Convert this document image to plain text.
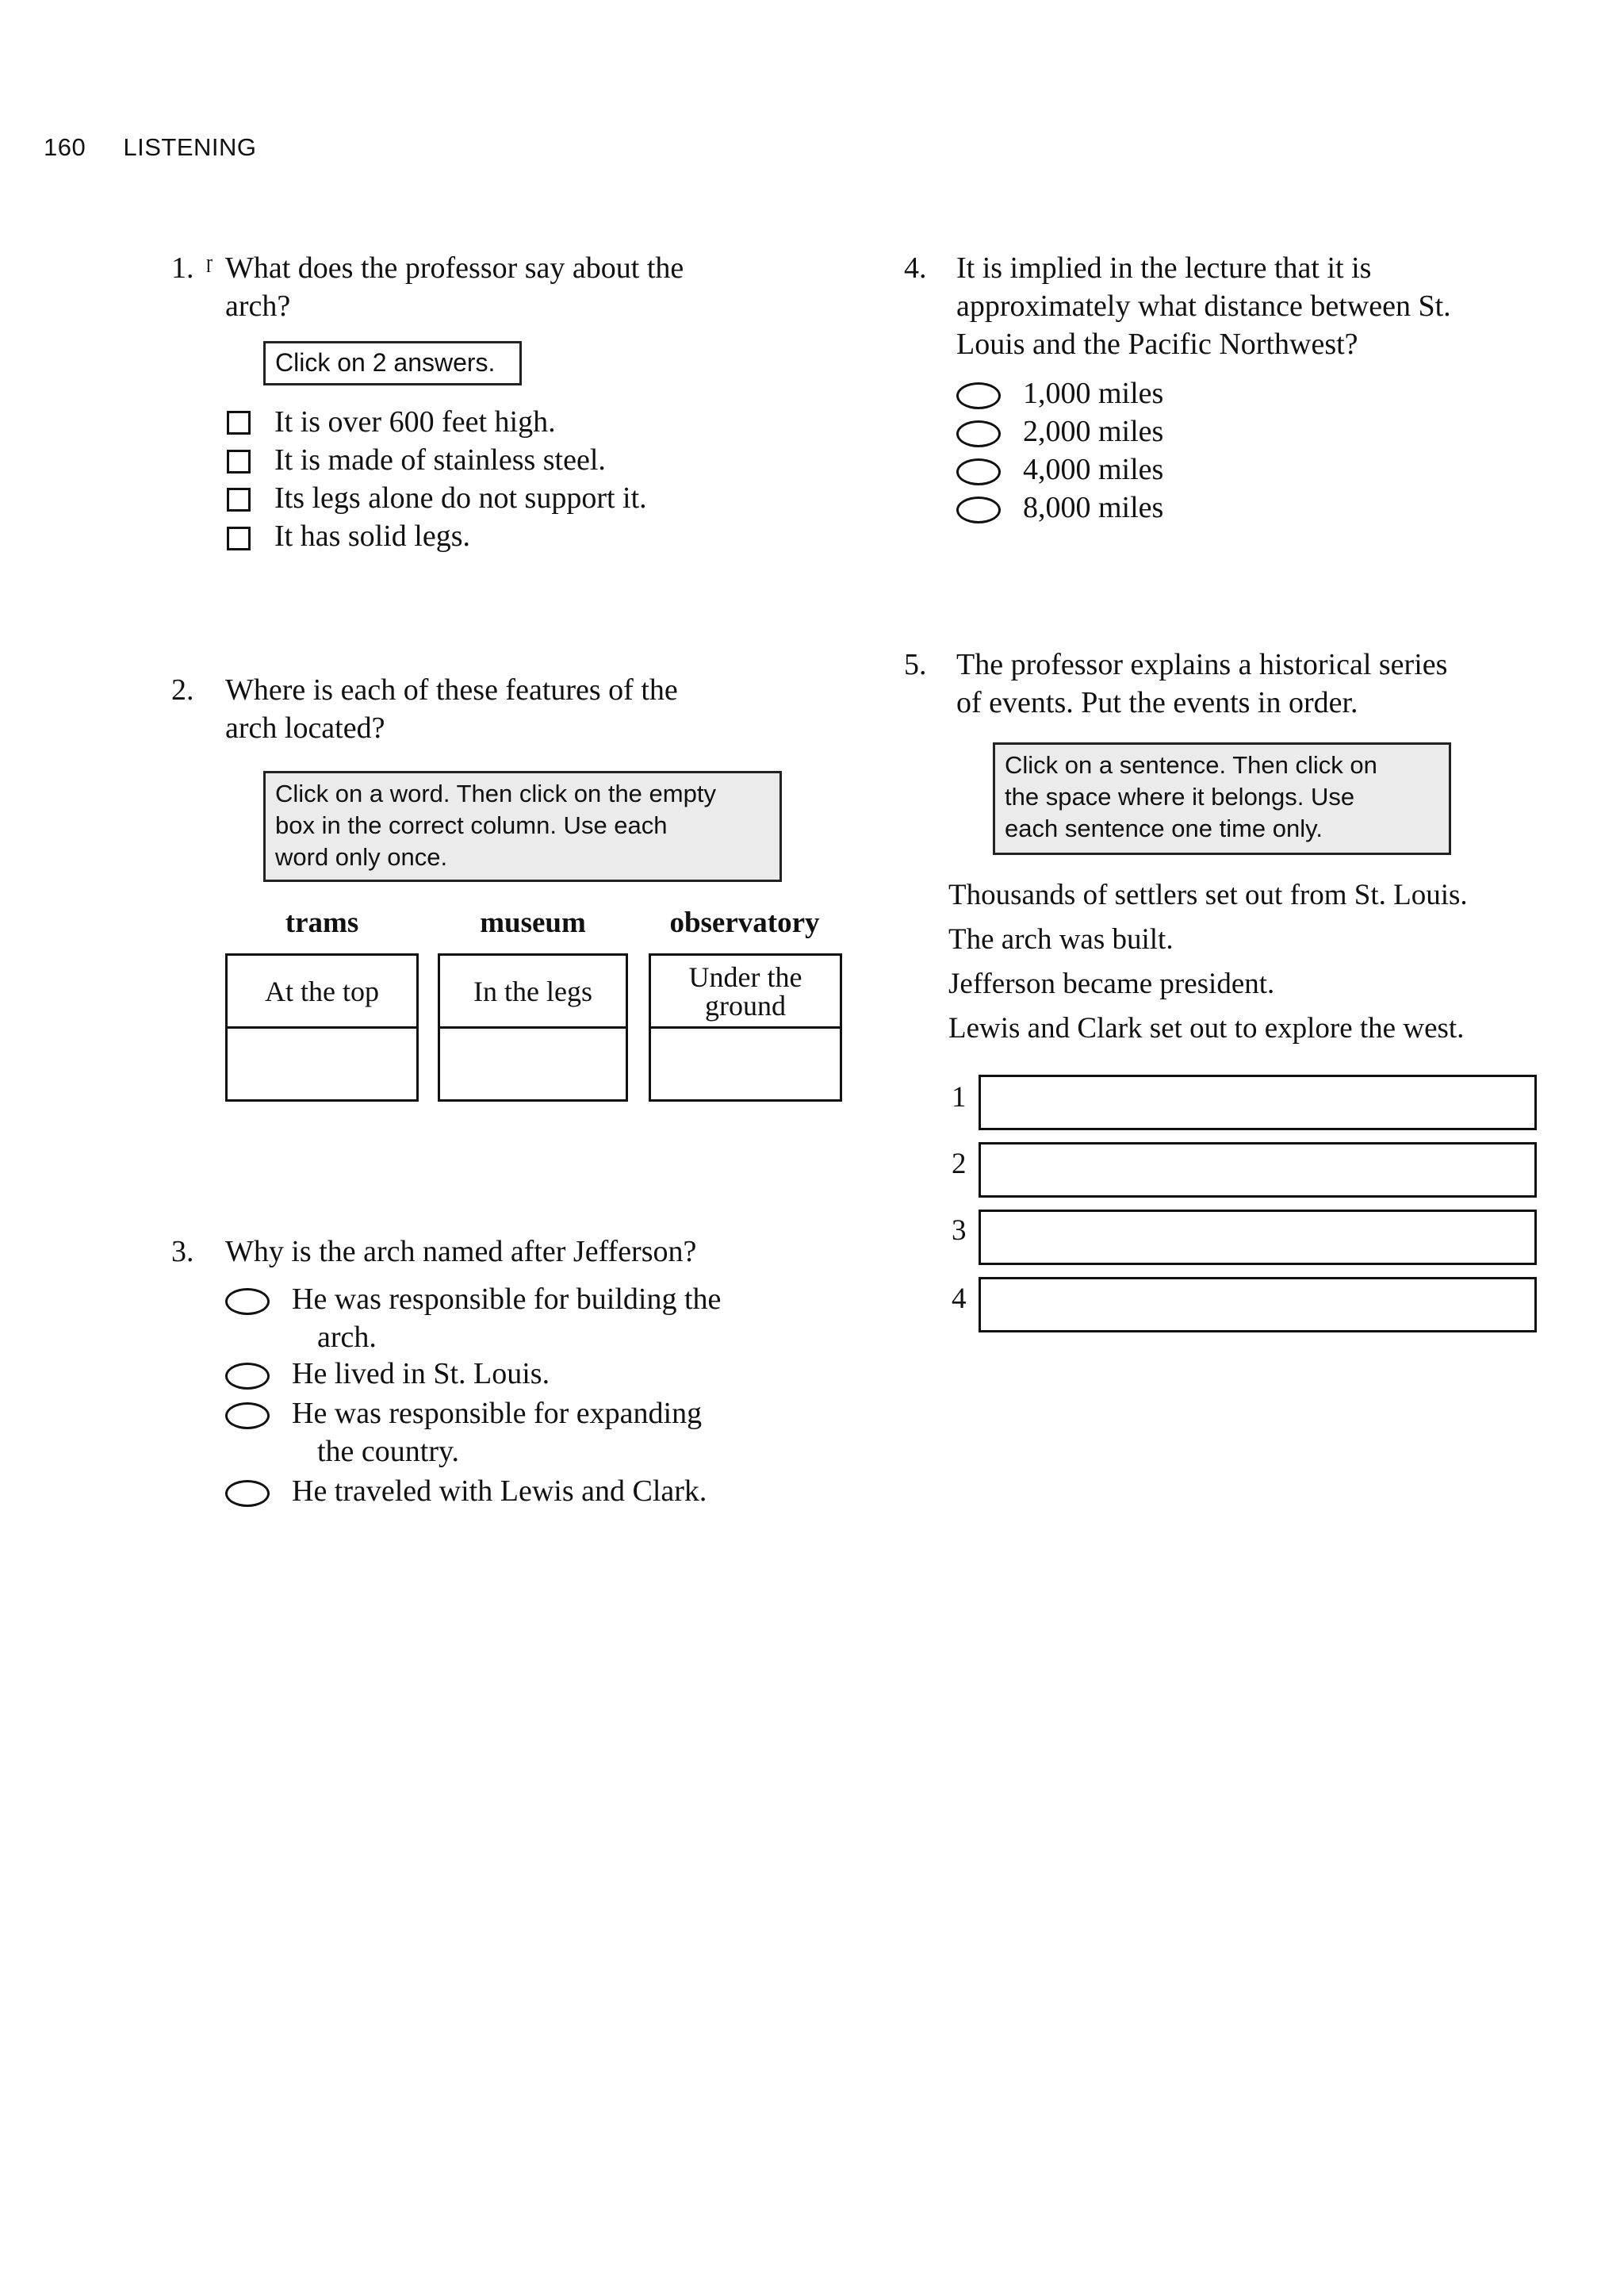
160 LISTENING
1. ɼ What does the professor say about the
arch?
Click on 2 answers.
It is over 600 feet high.
It is made of stainless steel.
Its legs alone do not support it.
It has solid legs.
2. Where is each of these features of the
arch located?
Click on a word. Then click on the empty
box in the correct column. Use each
word only once.
trams	museum	observatory
At the top	In the legs	Under the
ground
3. Why is the arch named after Jefferson?
He was responsible for building the
arch.
He lived in St. Louis.
He was responsible for expanding
the country.
He traveled with Lewis and Clark.
4. It is implied in the lecture that it is
approximately what distance between St.
Louis and the Pacific Northwest?
1,000 miles
2,000 miles
4,000 miles
8,000 miles
5. The professor explains a historical series
of events. Put the events in order.
Click on a sentence. Then click on
the space where it belongs. Use
each sentence one time only.
Thousands of settlers set out from St. Louis.
The arch was built.
Jefferson became president.
Lewis and Clark set out to explore the west.
1
2
3
4
